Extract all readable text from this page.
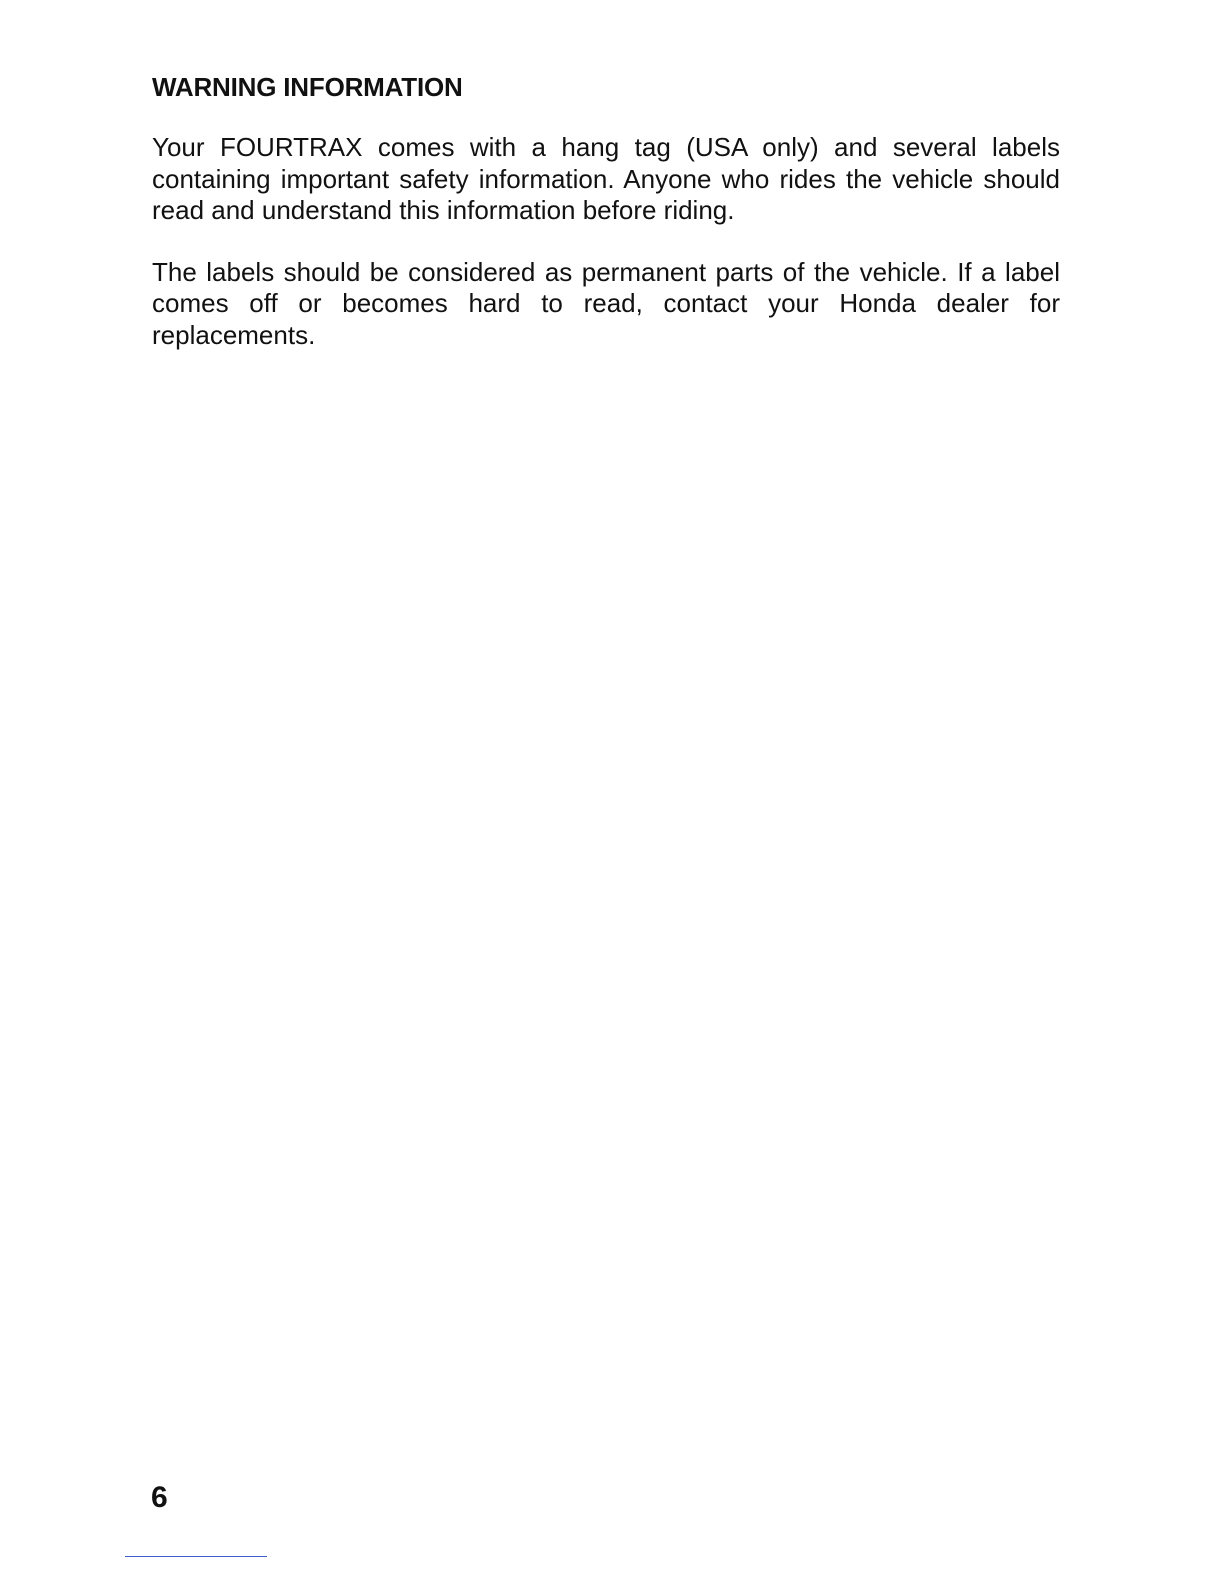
WARNING INFORMATION

Your FOURTRAX comes with a hang tag (USA only) and several labels containing important safety information. Anyone who rides the vehicle should read and understand this information before riding.

The labels should be considered as permanent parts of the vehicle. If a label comes off or becomes hard to read, contact your Honda dealer for replacements.

6
